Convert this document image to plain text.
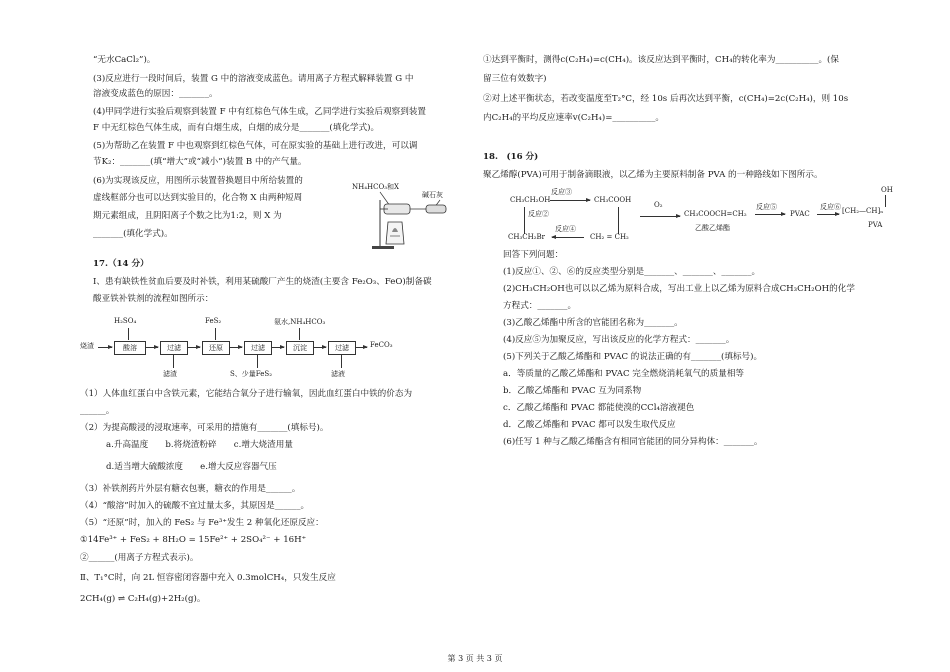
“无水CaCl₂”)。
(3)反应进行一段时间后，装置 G 中的溶液变成蓝色。请用离子方程式解释装置 G 中
溶液变成蓝色的原因：_______。
(4)甲同学进行实验后观察到装置 F 中有红棕色气体生成，乙同学进行实验后观察到装置
F 中无红棕色气体生成，而有白烟生成，白烟的成分是_______(填化学式)。
(5)为帮助乙在装置 F 中也观察到红棕色气体，可在原实验的基础上进行改进，可以调
节K₂：_______(填“增大”或“减小”)装置 B 中的产气量。
(6)为实现该反应，用图所示装置替换题目中所给装置的
虚线框部分也可以达到实验目的，化合物 X 由两种短周
期元素组成，且阴阳离子个数之比为1:2，则 X 为
_______(填化学式)。
NH₄HCO₃和X
碱石灰
17.（14 分）
Ⅰ、患有缺铁性贫血后要及时补铁，利用某硫酸厂产生的烧渣(主要含 Fe₂O₃、FeO)制备碳
酸亚铁补铁剂的流程如图所示：
烧渣	酸溶	过滤	还原	过滤	沉淀	过滤	FeCO₃
H₂SO₄	FeS₂	氨水,NH₄HCO₃
滤渣	S、少量FeS₂	滤液
（1）人体血红蛋白中含铁元素，它能结合氧分子进行输氧，因此血红蛋白中铁的价态为
______。
（2）为提高酸浸的浸取速率，可采用的措施有_______(填标号)。
a.升高温度　　b.将烧渣粉碎　　c.增大烧渣用量
d.适当增大硫酸浓度　　e.增大反应容器气压
（3）补铁剂药片外层有糖衣包裹，糖衣的作用是______。
（4）“酸溶”时加入的硫酸不宜过量太多，其原因是______。
（5）“还原”时，加入的 FeS₂ 与 Fe³⁺发生 2 种氧化还原反应：
①14Fe³⁺ + FeS₂ + 8H₂O = 15Fe²⁺ + 2SO₄²⁻ + 16H⁺
②______(用离子方程式表示)。
Ⅱ、T₁°C时，向 2L 恒容密闭容器中充入 0.3molCH₄，只发生反应
2CH₄(g) ⇌ C₂H₄(g)+2H₂(g)。
①达到平衡时，测得c(C₂H₄)=c(CH₄)。该反应达到平衡时，CH₄的转化率为__________。(保
留三位有效数字)
②对上述平衡状态，若改变温度至T₂°C，经 10s 后再次达到平衡，c(CH₄)=2c(C₂H₄)，则 10s
内C₂H₄的平均反应速率v(C₂H₄)=__________。
18.　(16 分)
聚乙烯醇(PVA)可用于制备滴眼液，以乙烯为主要原料制备 PVA 的一种路线如下图所示。
CH₃CH₂OH
反应③
CH₃COOH
O₂
反应②
CH₃CH₂Br
反应④
CH₂ = CH₂
CH₃COOCH=CH₂
乙酸乙烯酯
反应⑤
PVAC
反应⑥
OH
[CH₂—CH]ₙ
PVA
回答下列问题：
(1)反应①、②、⑥的反应类型分别是_______、_______、_______。
(2)CH₃CH₂OH也可以以乙烯为原料合成，写出工业上以乙烯为原料合成CH₃CH₂OH的化学
方程式：_______。
(3)乙酸乙烯酯中所含的官能团名称为_______。
(4)反应⑤为加聚反应，写出该反应的化学方程式：_______。
(5)下列关于乙酸乙烯酯和 PVAC 的说法正确的有_______(填标号)。
a．等质量的乙酸乙烯酯和 PVAC 完全燃烧消耗氧气的质量相等
b．乙酸乙烯酯和 PVAC 互为同系物
c．乙酸乙烯酯和 PVAC 都能使溴的CCl₄溶液褪色
d．乙酸乙烯酯和 PVAC 都可以发生取代反应
(6)任写 1 种与乙酸乙烯酯含有相同官能团的同分异构体：_______。
第 3 页 共 3 页
